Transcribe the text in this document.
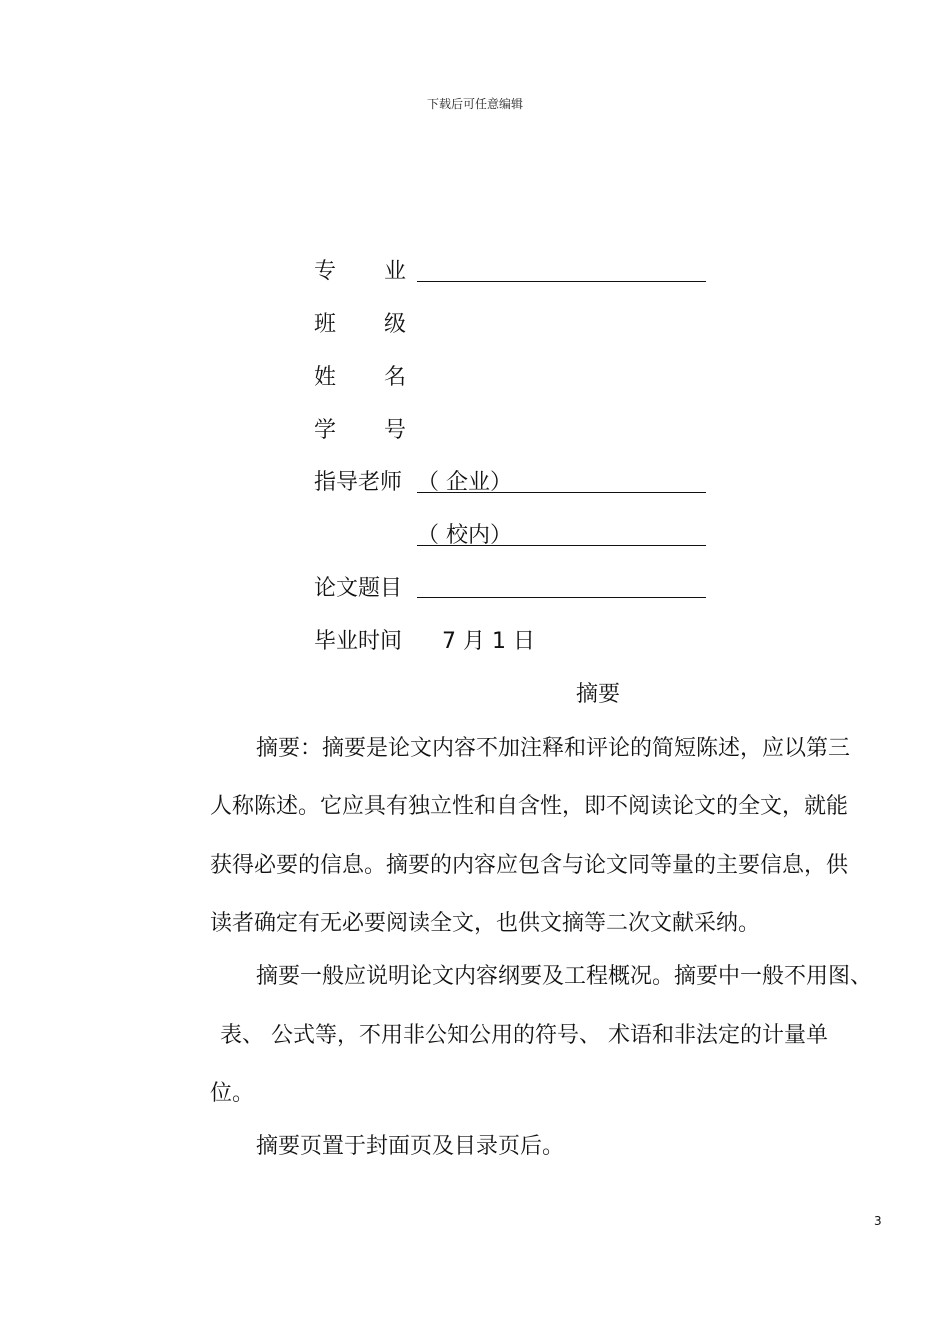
下载后可任意编辑
专 业
班 级
姓 名
学 号
指导老师 （ 企业）
（ 校内）
论文题目
毕业时间 7 月 1 日
摘要
摘要：摘要是论文内容不加注释和评论的简短陈述，应以第三
人称陈述。它应具有独立性和自含性，即不阅读论文的全文，就能
获得必要的信息。摘要的内容应包含与论文同等量的主要信息，供
读者确定有无必要阅读全文，也供文摘等二次文献采纳。
摘要一般应说明论文内容纲要及工程概况。摘要中一般不用图、
表、 公式等，不用非公知公用的符号、 术语和非法定的计量单
位。
摘要页置于封面页及目录页后。
3
